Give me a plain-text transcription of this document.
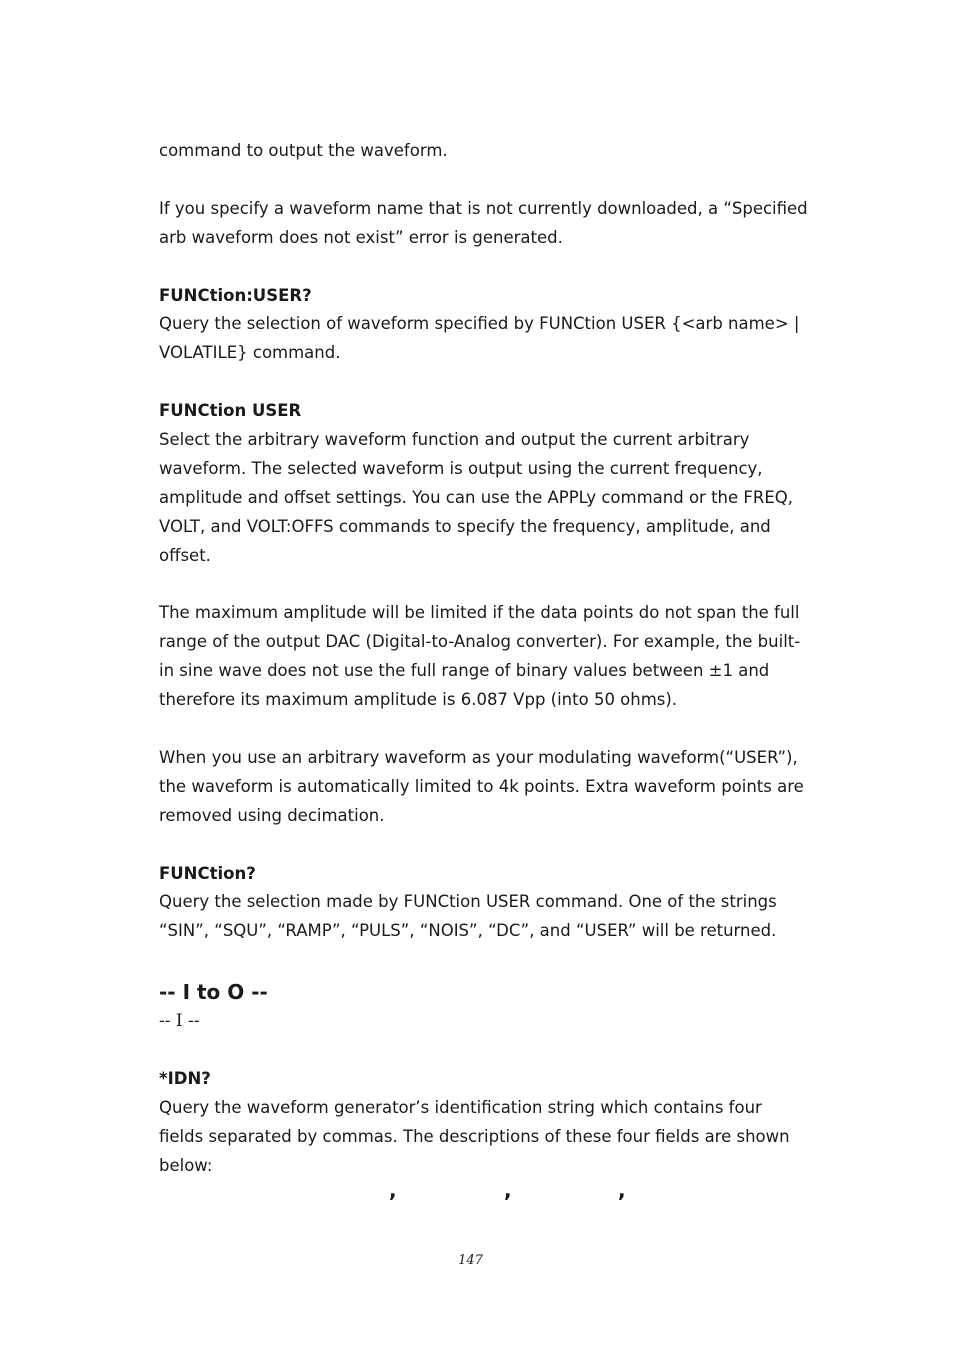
command to output the waveform.

If you specify a waveform name that is not currently downloaded, a “Specified arb waveform does not exist” error is generated.

FUNCtion:USER?

Query the selection of waveform specified by FUNCtion USER {<arb name> | VOLATILE} command.

FUNCtion USER

Select the arbitrary waveform function and output the current arbitrary waveform. The selected waveform is output using the current frequency, amplitude and offset settings. You can use the APPLy command or the FREQ, VOLT, and VOLT:OFFS commands to specify the frequency, amplitude, and offset.

The maximum amplitude will be limited if the data points do not span the full range of the output DAC (Digital-to-Analog converter). For example, the built-in sine wave does not use the full range of binary values between ±1 and therefore its maximum amplitude is 6.087 Vpp (into 50 ohms).

When you use an arbitrary waveform as your modulating waveform(“USER”), the waveform is automatically limited to 4k points. Extra waveform points are removed using decimation.

FUNCtion?

Query the selection made by FUNCtion USER command. One of the strings “SIN”, “SQU”, “RAMP”, “PULS”, “NOIS”, “DC”, and “USER” will be returned.

-- I to O --

-- I --

*IDN?

Query the waveform generator’s identification string which contains four fields separated by commas. The descriptions of these four fields are shown below:

,	,	,
147
